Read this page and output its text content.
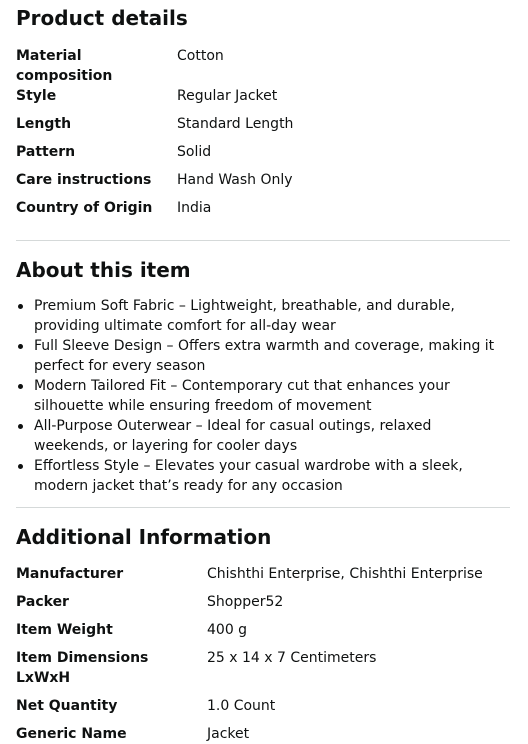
Product details
Material composition	Cotton
Style	Regular Jacket
Length	Standard Length
Pattern	Solid
Care instructions	Hand Wash Only
Country of Origin	India
About this item
Premium Soft Fabric – Lightweight, breathable, and durable, providing ultimate comfort for all-day wear
Full Sleeve Design – Offers extra warmth and coverage, making it perfect for every season
Modern Tailored Fit – Contemporary cut that enhances your silhouette while ensuring freedom of movement
All-Purpose Outerwear – Ideal for casual outings, relaxed weekends, or layering for cooler days
Effortless Style – Elevates your casual wardrobe with a sleek, modern jacket that’s ready for any occasion
Additional Information
Manufacturer	Chishthi Enterprise, Chishthi Enterprise
Packer	Shopper52
Item Weight	400 g
Item Dimensions LxWxH	25 x 14 x 7 Centimeters
Net Quantity	1.0 Count
Generic Name	Jacket
